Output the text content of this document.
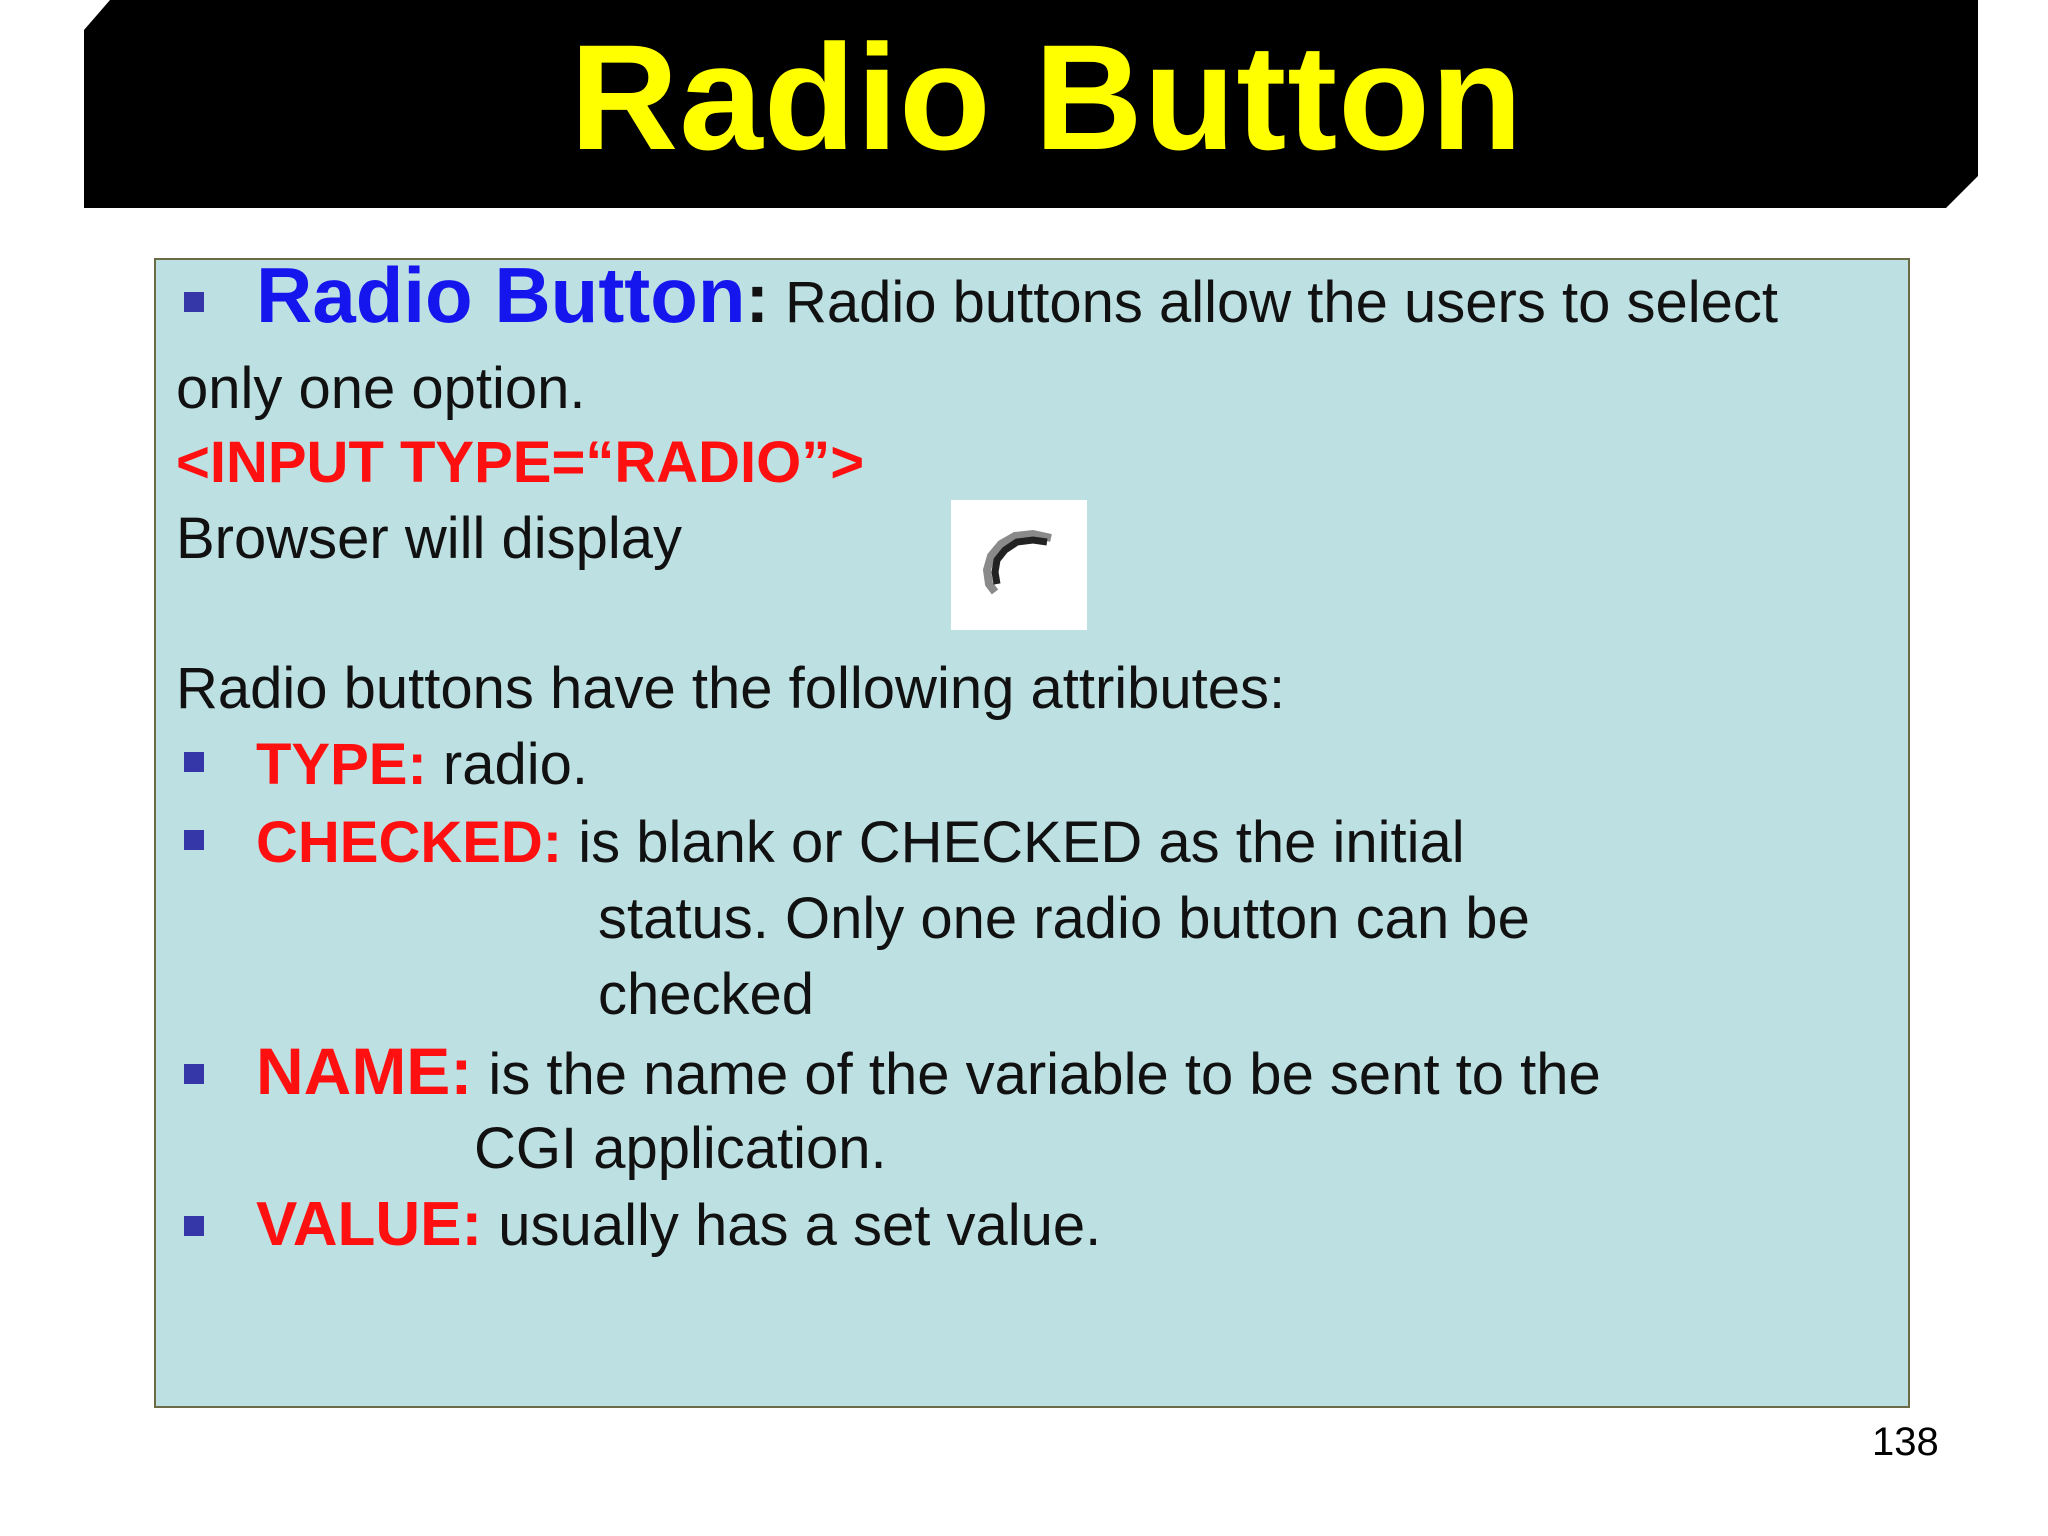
Radio Button
Radio Button: Radio buttons allow the users to select
only one option.
<INPUT TYPE=“RADIO”>
Browser will display
Radio buttons have the following attributes:
TYPE: radio.
CHECKED: is blank or CHECKED as the initial
status. Only one radio button can be
checked
NAME: is the name of the variable to be sent to the
CGI application.
VALUE: usually has a set value.
138
